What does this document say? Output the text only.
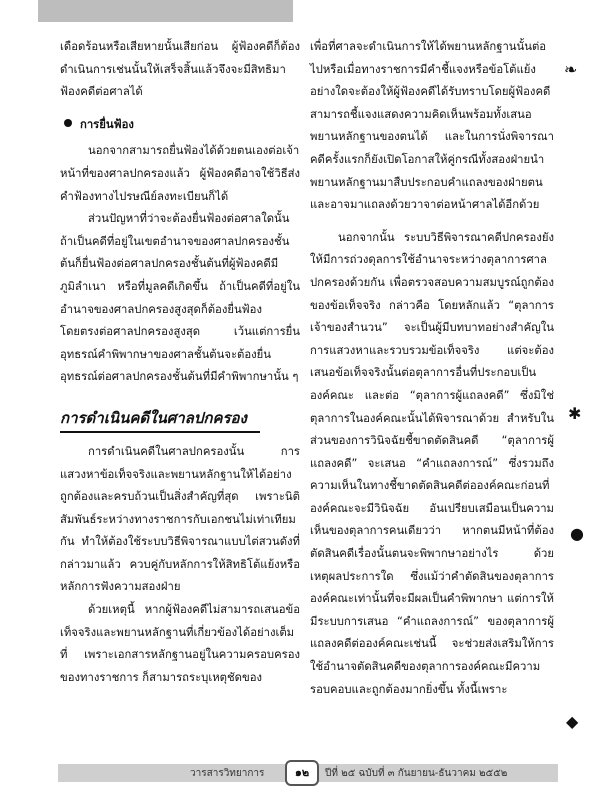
เดือดร้อนหรือเสียหายนั้นเสียก่อน ผู้ฟ้องคดีก็ต้องดำเนินการเช่นนั้นให้เสร็จสิ้นแล้วจึงจะมีสิทธิมาฟ้องคดีต่อศาลได้

การยื่นฟ้อง

นอกจากสามารถยื่นฟ้องได้ด้วยตนเองต่อเจ้าหน้าที่ของศาลปกครองแล้ว ผู้ฟ้องคดีอาจใช้วิธีส่งคำฟ้องทางไปรษณีย์ลงทะเบียนก็ได้

ส่วนปัญหาที่ว่าจะต้องยื่นฟ้องต่อศาลใดนั้น ถ้าเป็นคดีที่อยู่ในเขตอำนาจของศาลปกครองชั้นต้นก็ยื่นฟ้องต่อศาลปกครองชั้นต้นที่ผู้ฟ้องคดีมีภูมิลำเนา หรือที่มูลคดีเกิดขึ้น ถ้าเป็นคดีที่อยู่ในอำนาจของศาลปกครองสูงสุดก็ต้องยื่นฟ้องโดยตรงต่อศาลปกครองสูงสุด เว้นแต่การยื่นอุทธรณ์คำพิพากษาของศาลชั้นต้นจะต้องยื่นอุทธรณ์ต่อศาลปกครองชั้นต้นที่มีคำพิพากษานั้น ๆ

การดำเนินคดีในศาลปกครอง

การดำเนินคดีในศาลปกครองนั้น การแสวงหาข้อเท็จจริงและพยานหลักฐานให้ได้อย่างถูกต้องและครบถ้วนเป็นสิ่งสำคัญที่สุด เพราะนิติสัมพันธ์ระหว่างทางราชการกับเอกชนไม่เท่าเทียมกัน ทำให้ต้องใช้ระบบวิธีพิจารณาแบบไต่สวนดังที่กล่าวมาแล้ว ควบคู่กับหลักการให้สิทธิโต้แย้งหรือหลักการฟังความสองฝ่าย

ด้วยเหตุนี้ หากผู้ฟ้องคดีไม่สามารถเสนอข้อเท็จจริงและพยานหลักฐานที่เกี่ยวข้องได้อย่างเต็มที่ เพราะเอกสารหลักฐานอยู่ในความครอบครองของทางราชการ ก็สามารถระบุเหตุชัดของ

เพื่อที่ศาลจะดำเนินการให้ได้พยานหลักฐานนั้นต่อไปหรือเมื่อทางราชการมีคำชี้แจงหรือข้อโต้แย้งอย่างใดจะต้องให้ผู้ฟ้องคดีได้รับทราบโดยผู้ฟ้องคดีสามารถชี้แจงแสดงความคิดเห็นพร้อมทั้งเสนอพยานหลักฐานของตนได้ และในการนั่งพิจารณาคดีครั้งแรกก็ยังเปิดโอกาสให้คู่กรณีทั้งสองฝ่ายนำพยานหลักฐานมาสืบประกอบคำแถลงของฝ่ายตน และอาจมาแถลงด้วยวาจาต่อหน้าศาลได้อีกด้วย

นอกจากนั้น ระบบวิธีพิจารณาคดีปกครองยังให้มีการถ่วงดุลการใช้อำนาจระหว่างตุลาการศาลปกครองด้วยกัน เพื่อตรวจสอบความสมบูรณ์ถูกต้องของข้อเท็จจริง กล่าวคือ โดยหลักแล้ว “ตุลาการเจ้าของสำนวน” จะเป็นผู้มีบทบาทอย่างสำคัญในการแสวงหาและรวบรวมข้อเท็จจริง แต่จะต้องเสนอข้อเท็จจริงนั้นต่อตุลาการอื่นที่ประกอบเป็นองค์คณะ และต่อ “ตุลาการผู้แถลงคดี” ซึ่งมิใช่ตุลาการในองค์คณะนั้นได้พิจารณาด้วย สำหรับในส่วนของการวินิจฉัยชี้ขาดตัดสินคดี “ตุลาการผู้แถลงคดี” จะเสนอ “คำแถลงการณ์” ซึ่งรวมถึงความเห็นในทางชี้ขาดตัดสินคดีต่อองค์คณะก่อนที่องค์คณะจะมีวินิจฉัย อันเปรียบเสมือนเป็นความเห็นของตุลาการคนเดียวว่า หากตนมีหน้าที่ต้องตัดสินคดีเรื่องนั้นตนจะพิพากษาอย่างไร ด้วยเหตุผลประการใด ซึ่งแม้ว่าคำตัดสินของตุลาการองค์คณะเท่านั้นที่จะมีผลเป็นคำพิพากษา แต่การให้มีระบบการเสนอ “คำแถลงการณ์” ของตุลาการผู้แถลงคดีต่อองค์คณะเช่นนี้ จะช่วยส่งเสริมให้การใช้อำนาจตัดสินคดีของตุลาการองค์คณะมีความรอบคอบและถูกต้องมากยิ่งขึ้น ทั้งนี้เพราะ

❧
✱
●
◆
วารสารวิทยาการ	๑๒	ปีที่ ๒๕ ฉบับที่ ๓ กันยายน-ธันวาคม ๒๕๕๒
